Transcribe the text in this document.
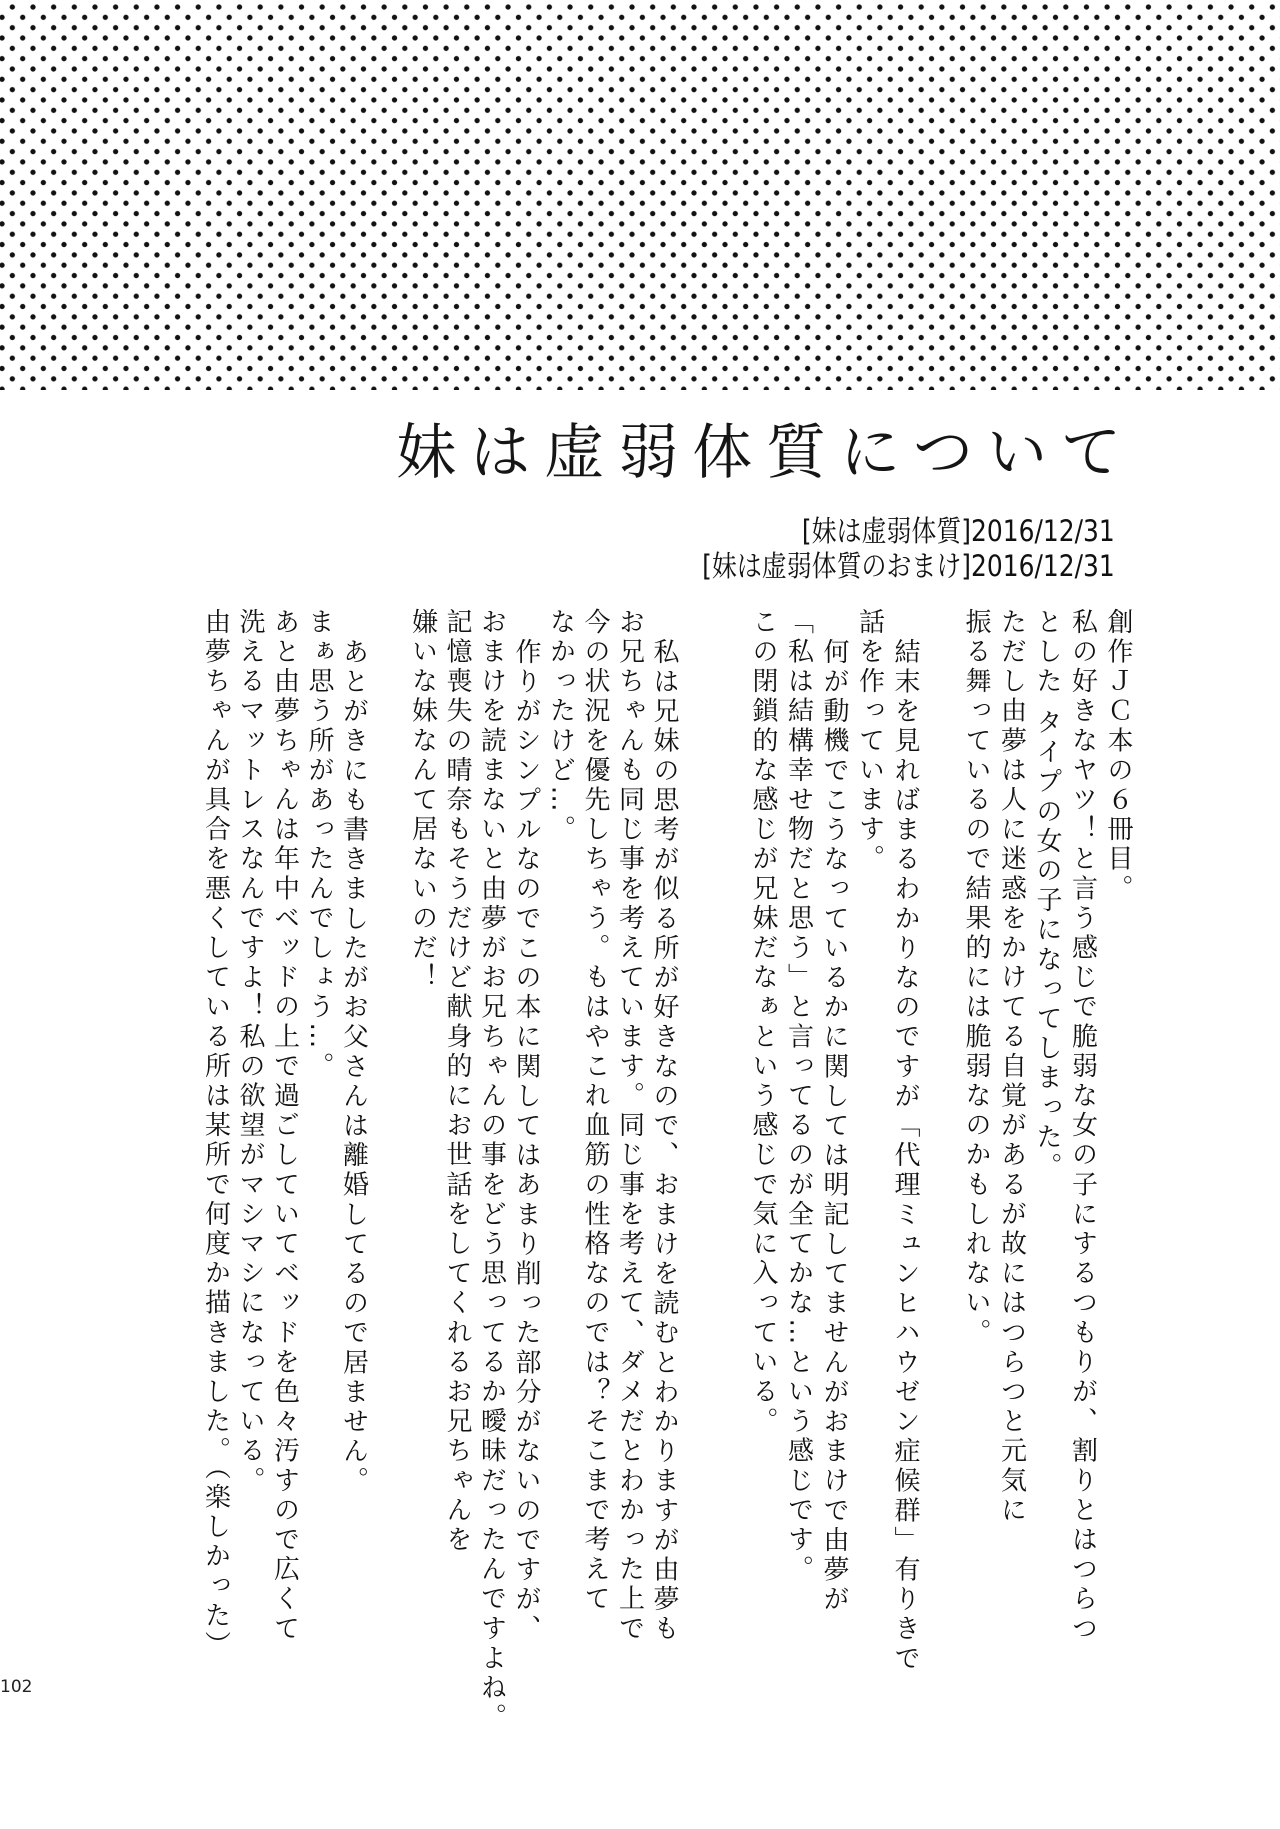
妹は虚弱体質について
[妹は虚弱体質]2016/12/31
[妹は虚弱体質のおまけ]2016/12/31
創作ＪＣ本の６冊目。
私の好きなヤツ！と言う感じで脆弱な女の子にするつもりが、割りとはつらつ
とした タイプの女の子になってしまった。
ただし由夢は人に迷惑をかけてる自覚があるが故にはつらつと元気に
振る舞っているので結果的には脆弱なのかもしれない。
結末を見ればまるわかりなのですが「代理ミュンヒハウゼン症候群」有りきで
話を作っています。
何が動機でこうなっているかに関しては明記してませんがおまけで由夢が
「私は結構幸せ物だと思う」と言ってるのが全てかな…という感じです。
この閉鎖的な感じが兄妹だなぁという感じで気に入っている。
私は兄妹の思考が似る所が好きなので、おまけを読むとわかりますが由夢も
お兄ちゃんも同じ事を考えています。同じ事を考えて、ダメだとわかった上で
今の状況を優先しちゃう。もはやこれ血筋の性格なのでは？そこまで考えて
なかったけど…。
作りがシンプルなのでこの本に関してはあまり削った部分がないのですが、
おまけを読まないと由夢がお兄ちゃんの事をどう思ってるか曖昧だったんですよね。
記憶喪失の晴奈もそうだけど献身的にお世話をしてくれるお兄ちゃんを
嫌いな妹なんて居ないのだ！
あとがきにも書きましたがお父さんは離婚してるので居ません。
まぁ思う所があったんでしょう…。
あと由夢ちゃんは年中ベッドの上で過ごしていてベッドを色々汚すので広くて
洗えるマットレスなんですよ！私の欲望がマシマシになっている。
由夢ちゃんが具合を悪くしている所は某所で何度か描きました。（楽しかった）
102
